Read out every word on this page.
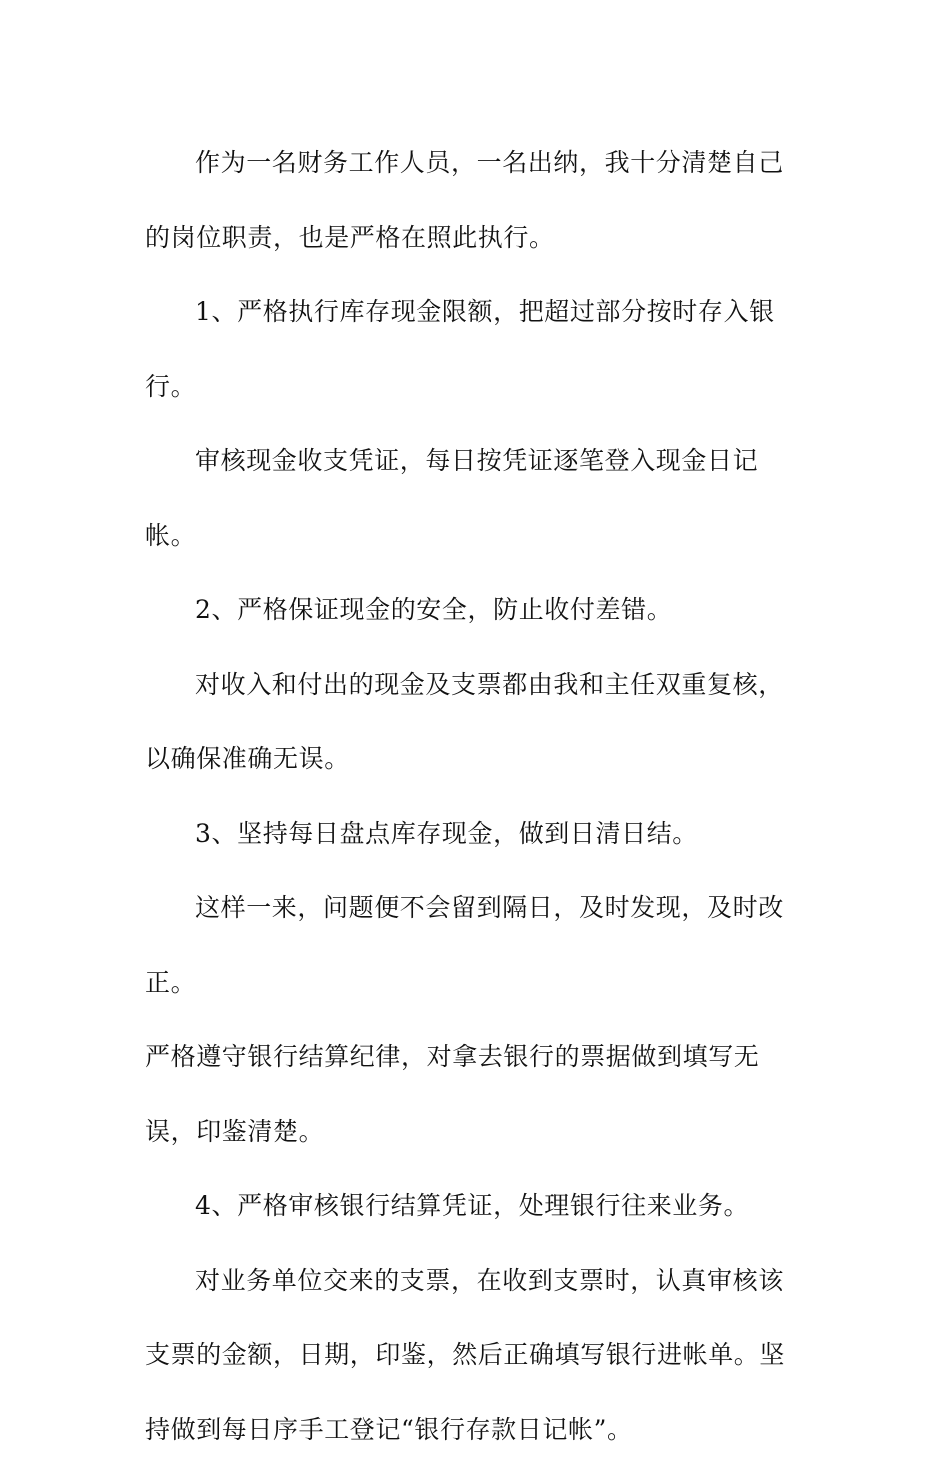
作为一名财务工作人员，一名出纳，我十分清楚自己的岗位职责，也是严格在照此执行。

1、严格执行库存现金限额，把超过部分按时存入银行。

审核现金收支凭证，每日按凭证逐笔登入现金日记帐。

2、严格保证现金的安全，防止收付差错。

对收入和付出的现金及支票都由我和主任双重复核，以确保准确无误。

3、坚持每日盘点库存现金，做到日清日结。

这样一来，问题便不会留到隔日，及时发现，及时改正。

严格遵守银行结算纪律，对拿去银行的票据做到填写无误，印鉴清楚。

4、严格审核银行结算凭证，处理银行往来业务。

对业务单位交来的支票，在收到支票时，认真审核该支票的金额，日期，印鉴，然后正确填写银行进帐单。坚持做到每日序手工登记“银行存款日记帐”。
